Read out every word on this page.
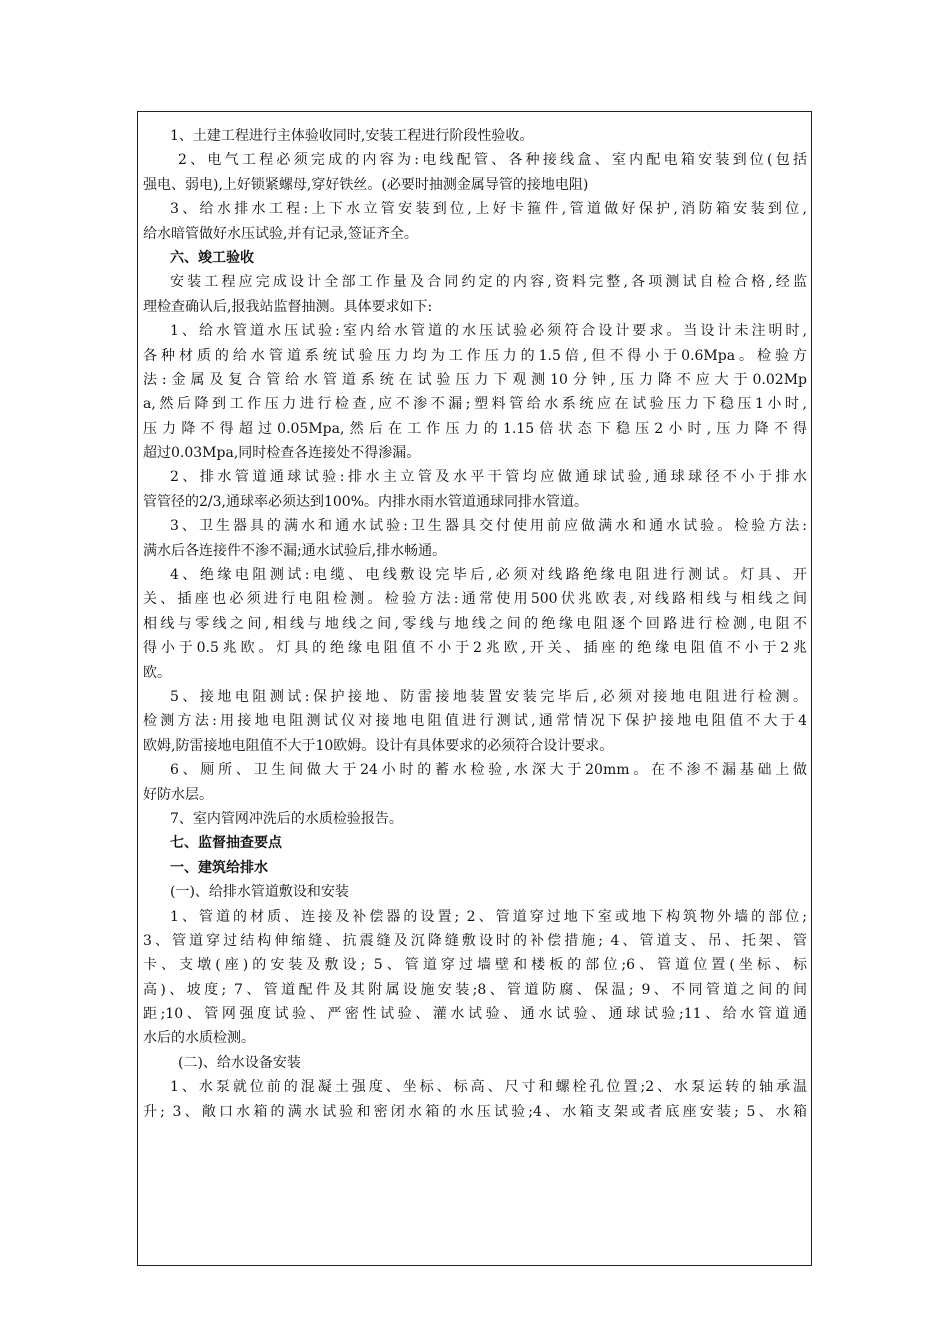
1、土建工程进行主体验收同时,安装工程进行阶段性验收。
2、电气工程必须完成的内容为:电线配管、各种接线盒、室内配电箱安装到位(包括
强电、弱电),上好锁紧螺母,穿好铁丝。(必要时抽测金属导管的接地电阻)
3、给水排水工程:上下水立管安装到位,上好卡箍件,管道做好保护,消防箱安装到位,
给水暗管做好水压试验,并有记录,签证齐全。
六、竣工验收
安装工程应完成设计全部工作量及合同约定的内容,资料完整,各项测试自检合格,经监
理检查确认后,报我站监督抽测。具体要求如下:
1、给水管道水压试验:室内给水管道的水压试验必须符合设计要求。当设计未注明时,
各种材质的给水管道系统试验压力均为工作压力的1.5倍,但不得小于0.6Mpa。检验方
法:金属及复合管给水管道系统在试验压力下观测10分钟,压力降不应大于0.02Mp
a,然后降到工作压力进行检查,应不渗不漏;塑料管给水系统应在试验压力下稳压1小时,
压力降不得超过0.05Mpa,然后在工作压力的1.15倍状态下稳压2小时,压力降不得
超过0.03Mpa,同时检查各连接处不得渗漏。
2、排水管道通球试验:排水主立管及水平干管均应做通球试验,通球球径不小于排水
管管径的2/3,通球率必须达到100%。内排水雨水管道通球同排水管道。
3、卫生器具的满水和通水试验:卫生器具交付使用前应做满水和通水试验。检验方法:
满水后各连接件不渗不漏;通水试验后,排水畅通。
4、绝缘电阻测试:电缆、电线敷设完毕后,必须对线路绝缘电阻进行测试。灯具、开
关、插座也必须进行电阻检测。检验方法:通常使用500伏兆欧表,对线路相线与相线之间
相线与零线之间,相线与地线之间,零线与地线之间的绝缘电阻逐个回路进行检测,电阻不
得小于0.5兆欧。灯具的绝缘电阻值不小于2兆欧,开关、插座的绝缘电阻值不小于2兆
欧。
5、接地电阻测试:保护接地、防雷接地装置安装完毕后,必须对接地电阻进行检测。
检测方法:用接地电阻测试仪对接地电阻值进行测试,通常情况下保护接地电阻值不大于4
欧姆,防雷接地电阻值不大于10欧姆。设计有具体要求的必须符合设计要求。
6、厕所、卫生间做大于24小时的蓄水检验,水深大于20mm。在不渗不漏基础上做
好防水层。
7、室内管网冲洗后的水质检验报告。
七、监督抽查要点
一、建筑给排水
(一)、给排水管道敷设和安装
1、管道的材质、连接及补偿器的设置; 2、管道穿过地下室或地下构筑物外墙的部位;
3、管道穿过结构伸缩缝、抗震缝及沉降缝敷设时的补偿措施; 4、管道支、吊、托架、管
卡、支墩(座)的安装及敷设; 5、管道穿过墙壁和楼板的部位;6、管道位置(坐标、标
高)、坡度; 7、管道配件及其附属设施安装;8、管道防腐、保温; 9、不同管道之间的间
距;10、管网强度试验、严密性试验、灌水试验、通水试验、通球试验;11、给水管道通
水后的水质检测。
(二)、给水设备安装
1、水泵就位前的混凝土强度、坐标、标高、尺寸和螺栓孔位置;2、水泵运转的轴承温
升; 3、敞口水箱的满水试验和密闭水箱的水压试验;4、水箱支架或者底座安装; 5、水箱
